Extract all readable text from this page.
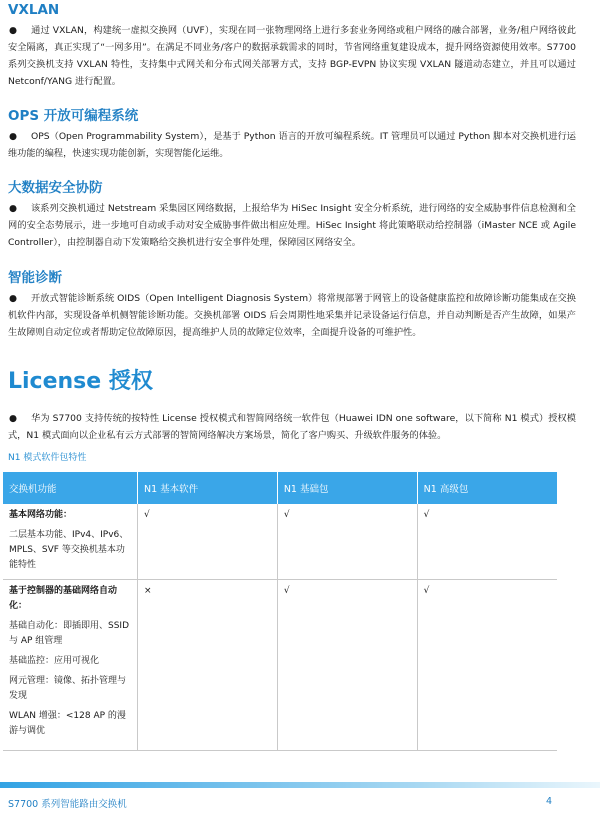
VXLAN

● 通过 VXLAN，构建统一虚拟交换网（UVF），实现在同一张物理网络上进行多套业务网络或租户网络的融合部署，业务/租户网络彼此安全隔离，真正实现了“一网多用”。在满足不同业务/客户的数据承载需求的同时，节省网络重复建设成本，提升网络资源使用效率。S7700 系列交换机支持 VXLAN 特性，支持集中式网关和分布式网关部署方式，支持 BGP-EVPN 协议实现 VXLAN 隧道动态建立，并且可以通过 Netconf/YANG 进行配置。

OPS 开放可编程系统

● OPS（Open Programmability System），是基于 Python 语言的开放可编程系统。IT 管理员可以通过 Python 脚本对交换机进行运维功能的编程，快速实现功能创新，实现智能化运维。

大数据安全协防

● 该系列交换机通过 Netstream 采集园区网络数据，上报给华为 HiSec Insight 安全分析系统，进行网络的安全威胁事件信息检测和全网的安全态势展示，进一步地可自动或手动对安全威胁事件做出相应处理。HiSec Insight 将此策略联动给控制器（iMaster NCE 或 Agile Controller），由控制器自动下发策略给交换机进行安全事件处理，保障园区网络安全。

智能诊断

● 开放式智能诊断系统 OIDS（Open Intelligent Diagnosis System）将常规部署于网管上的设备健康监控和故障诊断功能集成在交换机软件内部，实现设备单机侧智能诊断功能。交换机部署 OIDS 后会周期性地采集并记录设备运行信息，并自动判断是否产生故障，如果产生故障则自动定位或者帮助定位故障原因，提高维护人员的故障定位效率，全面提升设备的可维护性。

License 授权

● 华为 S7700 支持传统的按特性 License 授权模式和智简网络统一软件包（Huawei IDN one software，以下简称 N1 模式）授权模式，N1 模式面向以企业私有云方式部署的智简网络解决方案场景，简化了客户购买、升级软件服务的体验。

N1 模式软件包特性

交换机功能	N1 基本软件	N1 基础包	N1 高级包

基本网络功能：
二层基本功能、IPv4、IPv6、MPLS、SVF 等交换机基本功能特性	√	√	√

基于控制器的基础网络自动化：
基础自动化：即插即用、SSID 与 AP 组管理
基础监控：应用可视化
网元管理：镜像、拓扑管理与发现
WLAN 增强：<128 AP 的漫游与调优	×	√	√
S7700 系列智能路由交换机	4
